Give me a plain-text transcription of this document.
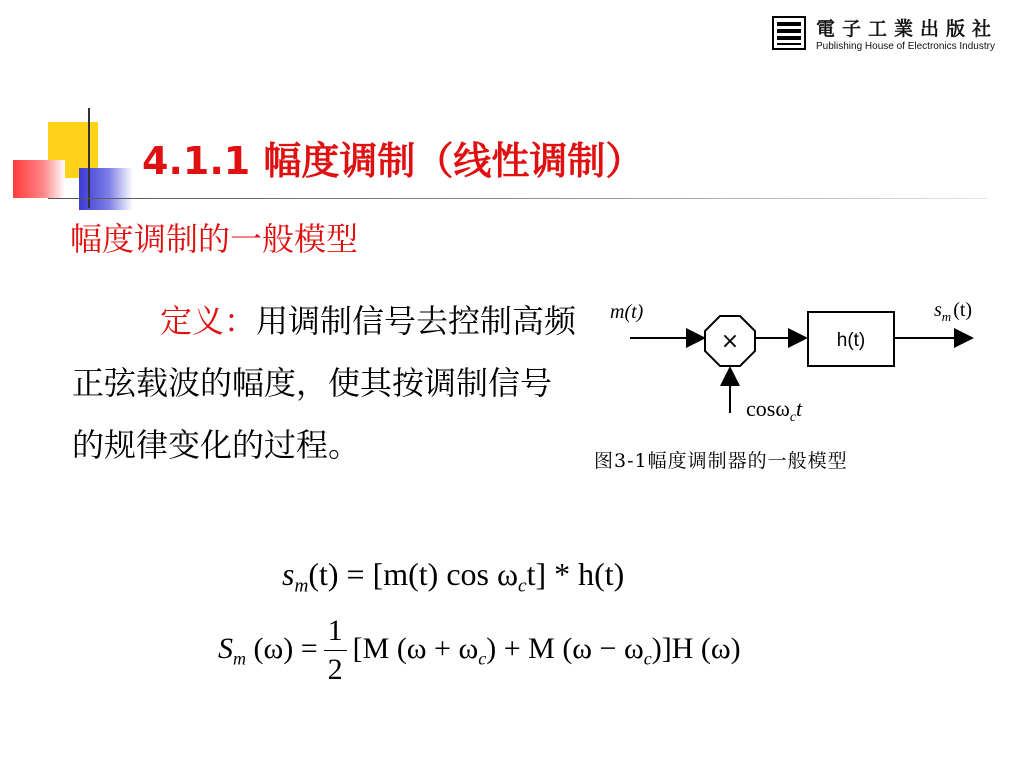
電子工業出版社
Publishing House of Electronics Industry
4.1.1 幅度调制（线性调制）
幅度调制的一般模型
定义：用调制信号去控制高频正弦载波的幅度，使其按调制信号的规律变化的过程。
m(t)
×	h(t)
$s_m$ (t)
cosω$_c$t
图3-1幅度调制器的一般模型
$s_m(t) = [m(t)$ $\cos \omega_ct] * h(t)$
$S_m$ $(\omega) = \frac{1}{2} [M$ $(\omega + \omega_c) + M$ $(\omega - \omega_c)]H$ (ω)
